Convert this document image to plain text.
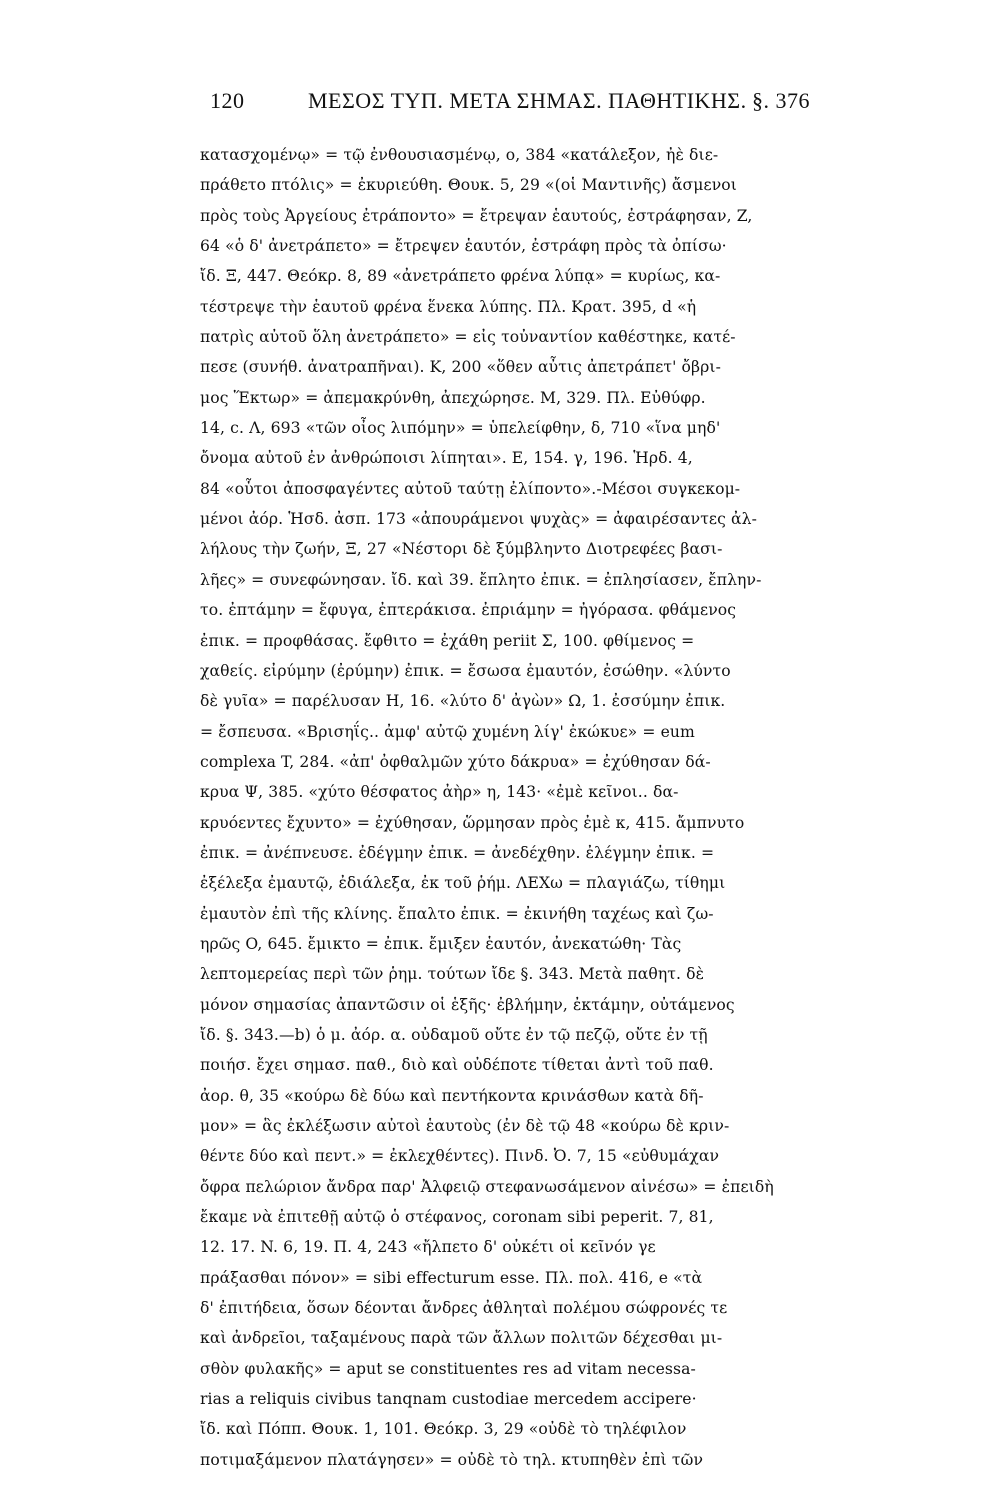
120	ΜΕΣΟΣ ΤΥΠ. ΜΕΤΑ ΣΗΜΑΣ. ΠΑΘΗΤΙΚΗΣ. §. 376
κατασχομένῳ» = τῷ ἐνθουσιασμένῳ, ο, 384 «κατάλεξον, ἠὲ διε-
πράθετο πτόλις» = ἐκυριεύθη. Θουκ. 5, 29 «(οἱ Μαντινῆς) ἄσμενοι
πρὸς τοὺς Ἀργείους ἐτράποντο» = ἔτρεψαν ἑαυτούς, ἐστράφησαν, Z,
64 «ὁ δ' ἀνετράπετο» = ἔτρεψεν ἑαυτόν, ἐστράφη πρὸς τὰ ὀπίσω·
ἴδ. Ξ, 447. Θεόκρ. 8, 89 «ἀνετράπετο φρένα λύπᾳ» = κυρίως, κα-
τέστρεψε τὴν ἑαυτοῦ φρένα ἕνεκα λύπης. Πλ. Κρατ. 395, d «ἡ
πατρὶς αὐτοῦ ὅλη ἀνετράπετο» = εἰς τοὐναντίον καθέστηκε, κατέ-
πεσε (συνήθ. ἀνατραπῆναι). K, 200 «ὅθεν αὖτις ἀπετράπετ' ὄβρι-
μος Ἕκτωρ» = ἀπεμακρύνθη, ἀπεχώρησε. M, 329. Πλ. Εὐθύφρ.
14, c. Λ, 693 «τῶν οἶος λιπόμην» = ὑπελείφθην, δ, 710 «ἵνα μηδ'
ὄνομα αὐτοῦ ἐν ἀνθρώποισι λίπηται». E, 154. γ, 196. Ἡρδ. 4,
84 «οὗτοι ἀποσφαγέντες αὐτοῦ ταύτῃ ἐλίποντο».-Μέσοι συγκεκομ-
μένοι ἀόρ. Ἡσδ. ἀσπ. 173 «ἀπουράμενοι ψυχὰς» = ἀφαιρέσαντες ἀλ-
λήλους τὴν ζωήν, Ξ, 27 «Νέστορι δὲ ξύμβληντο Διοτρεφέες βασι-
λῆες» = συνεφώνησαν. ἴδ. καὶ 39. ἔπλητο ἐπικ. = ἐπλησίασεν, ἔπλην-
το. ἐπτάμην = ἔφυγα, ἐπτεράκισα. ἐπριάμην = ἠγόρασα. φθάμενος
ἐπικ. = προφθάσας. ἔφθιτο = ἐχάθη periit Σ, 100. φθίμενος =
χαθείς. εἰρύμην (ἐρύμην) ἐπικ. = ἔσωσα ἐμαυτόν, ἐσώθην. «λύντο
δὲ γυῖα» = παρέλυσαν H, 16. «λύτο δ' ἀγὼν» Ω, 1. ἐσσύμην ἐπικ.
= ἔσπευσα. «Βρισηΐς.. ἀμφ' αὐτῷ χυμένη λίγ' ἐκώκυε» = eum
complexa T, 284. «ἀπ' ὀφθαλμῶν χύτο δάκρυα» = ἐχύθησαν δά-
κρυα Ψ, 385. «χύτο θέσφατος ἀὴρ» η, 143· «ἐμὲ κεῖνοι.. δα-
κρυόεντες ἔχυντο» = ἐχύθησαν, ὥρμησαν πρὸς ἐμὲ κ, 415. ἄμπνυτο
ἐπικ. = ἀνέπνευσε. ἐδέγμην ἐπικ. = ἀνεδέχθην. ἐλέγμην ἐπικ. =
ἐξέλεξα ἐμαυτῷ, ἐδιάλεξα, ἐκ τοῦ ῥήμ. ΛΕΧω = πλαγιάζω, τίθημι
ἐμαυτὸν ἐπὶ τῆς κλίνης. ἔπαλτο ἐπικ. = ἐκινήθη ταχέως καὶ ζω-
ηρῶς O, 645. ἔμικτο = ἐπικ. ἔμιξεν ἑαυτόν, ἀνεκατώθη· Τὰς
λεπτομερείας περὶ τῶν ῥημ. τούτων ἴδε §. 343. Μετὰ παθητ. δὲ
μόνον σημασίας ἀπαντῶσιν οἱ ἑξῆς· ἐβλήμην, ἐκτάμην, οὐτάμενος
ἴδ. §. 343.—b) ὁ μ. ἀόρ. α. οὐδαμοῦ οὔτε ἐν τῷ πεζῷ, οὔτε ἐν τῇ
ποιήσ. ἔχει σημασ. παθ., διὸ καὶ οὐδέποτε τίθεται ἀντὶ τοῦ παθ.
ἀορ. θ, 35 «κούρω δὲ δύω καὶ πεντήκοντα κρινάσθων κατὰ δῆ-
μον» = ἃς ἐκλέξωσιν αὐτοὶ ἑαυτοὺς (ἐν δὲ τῷ 48 «κούρω δὲ κριν-
θέντε δύο καὶ πεντ.» = ἐκλεχθέντες). Πινδ. Ὀ. 7, 15 «εὐθυμάχαν
ὄφρα πελώριον ἄνδρα παρ' Ἀλφειῷ στεφανωσάμενον αἰνέσω» = ἐπειδὴ
ἔκαμε νὰ ἐπιτεθῇ αὐτῷ ὁ στέφανος, coronam sibi peperit. 7, 81,
12. 17. N. 6, 19. Π. 4, 243 «ἤλπετο δ' οὐκέτι οἱ κεῖνόν γε
πράξασθαι πόνον» = sibi effecturum esse. Πλ. πολ. 416, e «τὰ
δ' ἐπιτήδεια, ὅσων δέονται ἄνδρες ἀθληταὶ πολέμου σώφρονές τε
καὶ ἀνδρεῖοι, ταξαμένους παρὰ τῶν ἄλλων πολιτῶν δέχεσθαι μι-
σθὸν φυλακῆς» = aput se constituentes res ad vitam necessa-
rias a reliquis civibus tanqnam custodiae mercedem accipere·
ἴδ. καὶ Πόππ. Θουκ. 1, 101. Θεόκρ. 3, 29 «οὐδὲ τὸ τηλέφιλον
ποτιμαξάμενον πλατάγησεν» = οὐδὲ τὸ τηλ. κτυπηθὲν ἐπὶ τῶν
